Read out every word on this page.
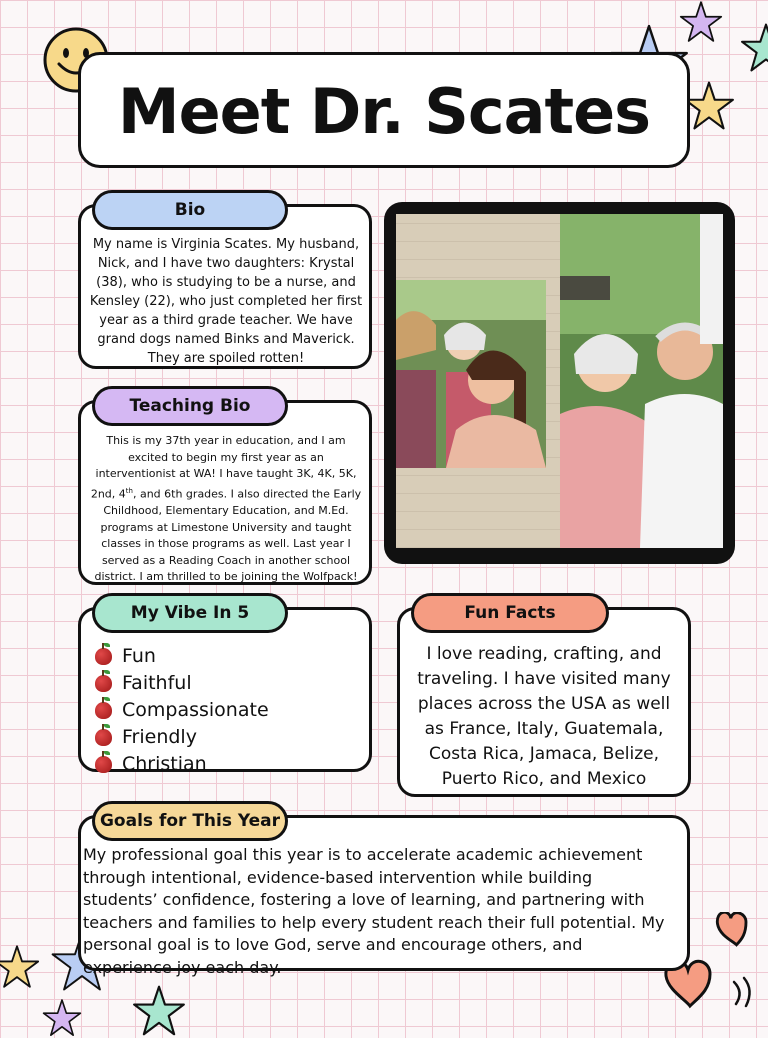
Meet Dr. Scates
My name is Virginia Scates. My husband, Nick, and I have two daughters: Krystal (38), who is studying to be a nurse, and Kensley (22), who just completed her first year as a third grade teacher. We have grand dogs named Binks and Maverick. They are spoiled rotten!
Bio
This is my 37th year in education, and I am excited to begin my first year as an interventionist at WA! I have taught 3K, 4K, 5K, 2nd, 4th, and 6th grades. I also directed the Early Childhood, Elementary Education, and M.Ed. programs at Limestone University and taught classes in those programs as well. Last year I served as a Reading Coach in another school district. I am thrilled to be joining the Wolfpack!
Teaching Bio
Fun
Faithful
Compassionate
Friendly
Christian
My Vibe In 5
I love reading, crafting, and traveling. I have visited many places across the USA as well as France, Italy, Guatemala, Costa Rica, Jamaca, Belize, Puerto Rico, and Mexico
Fun Facts
My professional goal this year is to accelerate academic achievement through intentional, evidence-based intervention while building students’ confidence, fostering a love of learning, and partnering with teachers and families to help every student reach their full potential. My personal goal is to love God, serve and encourage others, and experience joy each day.
Goals for This Year
